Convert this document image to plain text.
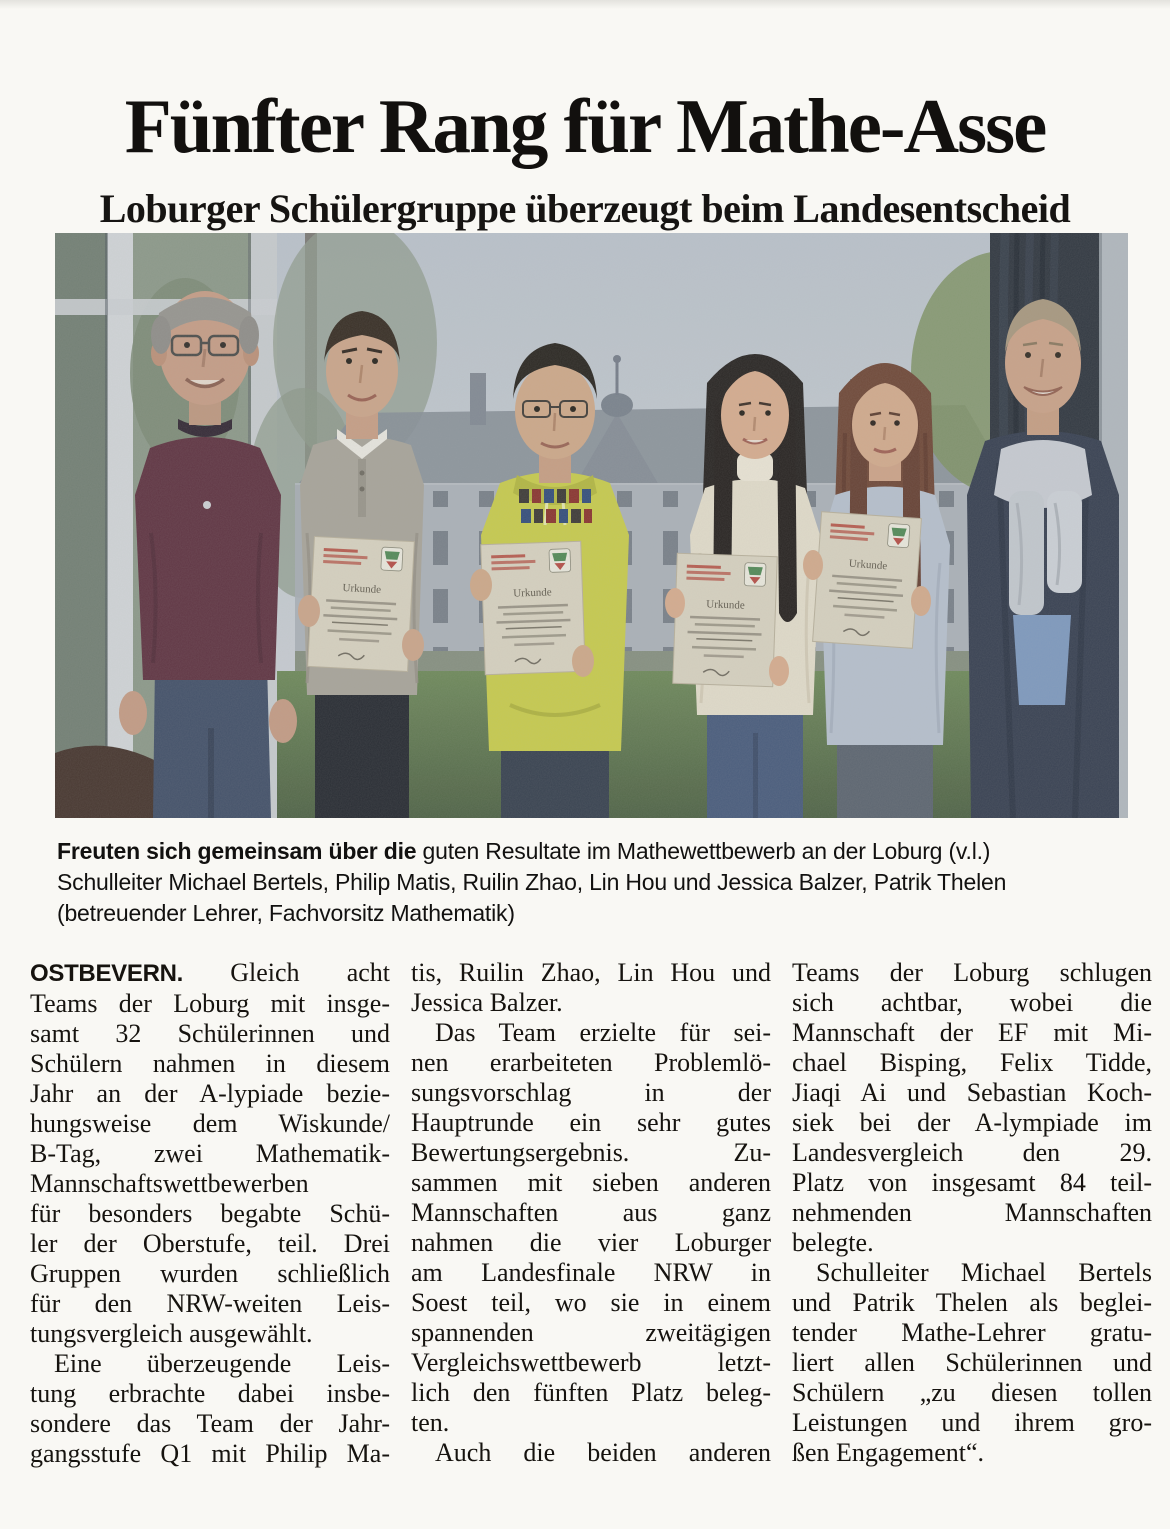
Fünfter Rang für Mathe-Asse
Loburger Schülergruppe überzeugt beim Landesentscheid
Freuten sich gemeinsam über die guten Resultate im Mathewettbewerb an der Loburg (v.l.)
Schulleiter Michael Bertels, Philip Matis, Ruilin Zhao, Lin Hou und Jessica Balzer, Patrik Thelen
(betreuender Lehrer, Fachvorsitz Mathematik)
OSTBEVERN. Gleich acht
Teams der Loburg mit insge-
samt 32 Schülerinnen und
Schülern nahmen in diesem
Jahr an der A-lypiade bezie-
hungsweise dem Wiskunde/
B-Tag, zwei Mathematik-
Mannschaftswettbewerben
für besonders begabte Schü-
ler der Oberstufe, teil. Drei
Gruppen wurden schließlich
für den NRW-weiten Leis-
tungsvergleich ausgewählt.
Eine überzeugende Leis-
tung erbrachte dabei insbe-
sondere das Team der Jahr-
gangsstufe Q1 mit Philip Ma-
tis, Ruilin Zhao, Lin Hou und
Jessica Balzer.
Das Team erzielte für sei-
nen erarbeiteten Problemlö-
sungsvorschlag in der
Hauptrunde ein sehr gutes
Bewertungsergebnis. Zu-
sammen mit sieben anderen
Mannschaften aus ganz
nahmen die vier Loburger
am Landesfinale NRW in
Soest teil, wo sie in einem
spannenden zweitägigen
Vergleichswettbewerb letzt-
lich den fünften Platz beleg-
ten.
Auch die beiden anderen
Teams der Loburg schlugen
sich achtbar, wobei die
Mannschaft der EF mit Mi-
chael Bisping, Felix Tidde,
Jiaqi Ai und Sebastian Koch-
siek bei der A-lympiade im
Landesvergleich den 29.
Platz von insgesamt 84 teil-
nehmenden Mannschaften
belegte.
Schulleiter Michael Bertels
und Patrik Thelen als beglei-
tender Mathe-Lehrer gratu-
liert allen Schülerinnen und
Schülern „zu diesen tollen
Leistungen und ihrem gro-
ßen Engagement“.
